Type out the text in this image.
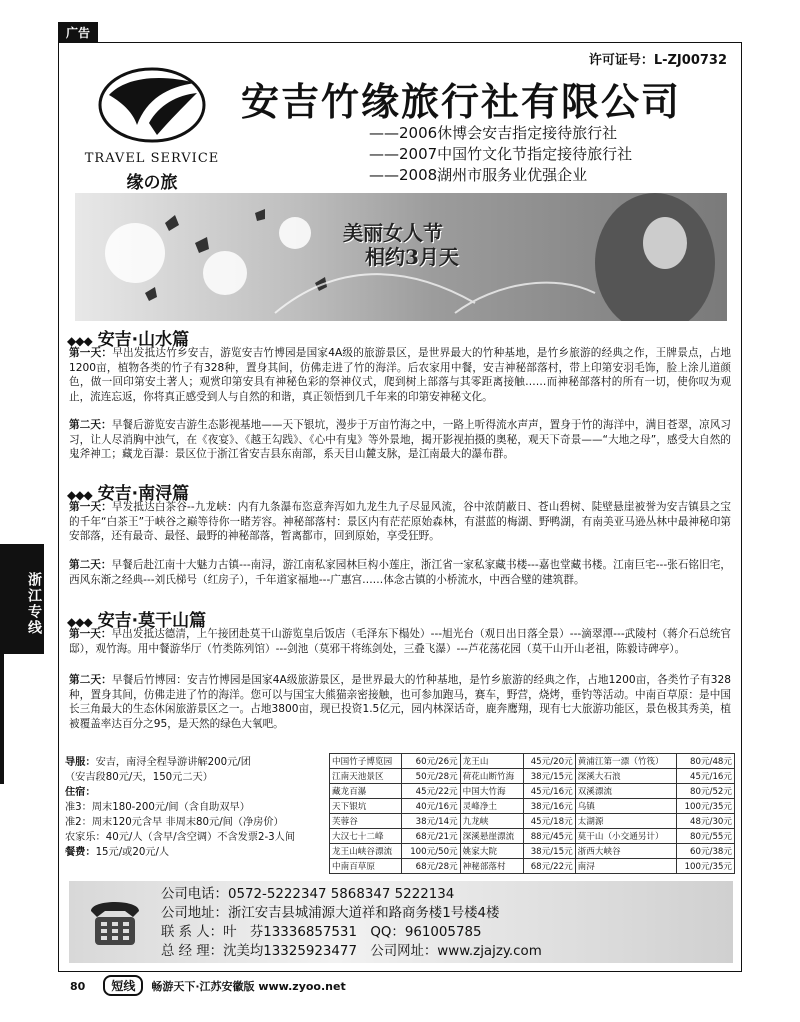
广告
浙江专线
许可证号：L-ZJ00732
TRAVEL SERVICE
缘の旅
安吉竹缘旅行社有限公司
——2006休博会安吉指定接待旅行社
——2007中国竹文化节指定接待旅行社
——2008湖州市服务业优强企业
美丽女人节
相约3月天
◆◆◆ 安吉·山水篇
第一天：早出发抵达竹乡安吉，游览安吉竹博园是国家4A级的旅游景区，是世界最大的竹种基地，是竹乡旅游的经典之作，王牌景点，占地1200亩，植物各类的竹子有328种，置身其间，仿佛走进了竹的海洋。后农家用中餐，安吉神秘部落村，带上印第安羽毛饰，脸上涂儿道颜色，做一回印第安土著人；观赏印第安具有神秘色彩的祭神仪式，爬到树上部落与其零距离接触……而神秘部落村的所有一切，使你叹为观止，流连忘返，你将真正感受到人与自然的和谐，真正领悟到几千年来的印第安神秘文化。
第二天：早餐后游览安吉游生态影视基地——天下银坑，漫步于万亩竹海之中，一路上听得流水声声，置身于竹的海洋中，满目苍翠，凉风习习，让人尽消胸中浊气，在《夜宴》、《越王勾践》、《心中有鬼》等外景地，揭开影视拍摄的奥秘，观天下奇景——“大地之母”，感受大自然的鬼斧神工；藏龙百瀑：景区位于浙江省安吉县东南部，系天目山麓支脉，是江南最大的瀑布群。
◆◆◆ 安吉·南浔篇
第一天：早发抵达白茶谷--九龙峡：内有九条瀑布恣意奔泻如九龙生九子尽显风流，谷中浓荫蔽日、苍山碧树、陡壁悬崖被誉为安吉镇县之宝的千年“白茶王”于峡谷之巅等待你一睹芳容。神秘部落村：景区内有茫茫原始森林，有湛蓝的梅湖、野鸭湖，有南美亚马逊丛林中最神秘印第安部落，还有最奇、最怪、最野的神秘部落，暂离都市，回到原始，享受狂野。
第二天：早餐后赴江南十大魅力古镇---南浔，游江南私家园林巨构小莲庄，浙江省一家私家藏书楼---嘉也堂藏书楼。江南巨宅---张石铭旧宅，西风东渐之经典---刘氏梯号（红房子），千年道家福地---广惠宫……体念古镇的小桥流水，中西合璧的建筑群。
◆◆◆ 安吉·莫干山篇
第一天：早出发抵达德清，上午接团赴莫干山游览皇后饭店（毛泽东下榻处）---旭光台（观日出日落全景）---滴翠潭---武陵村（蒋介石总统官邸），观竹海。用中餐游华厅（竹类陈列馆）---剑池（莫邪干将练剑处，三叠飞瀑）---芦花荡花园（莫干山开山老祖，陈毅诗碑亭）。
第二天：早餐后竹博园：安吉竹博园是国家4A级旅游景区，是世界最大的竹种基地，是竹乡旅游的经典之作，占地1200亩，各类竹子有328种，置身其间，仿佛走进了竹的海洋。您可以与国宝大熊猫亲密接触，也可参加跑马，赛车，野营，烧烤，垂钓等活动。中南百草原：是中国长三角最大的生态休闲旅游景区之一。占地3800亩，现已投资1.5亿元，园内林深话奇，鹿奔鹰翔，现有七大旅游功能区，景色极其秀美，植被覆盖率达百分之95，是天然的绿色大氧吧。
导服：安吉，南浔全程导游讲解200元/团
（安吉段80元/天，150元二天）
住宿：
准3：周末180-200元/间（含自助双早）
准2：周末120元含早 非周末80元/间（净房价）
农家乐：40元/人（含早/含空调）不含发票2-3人间
餐费：15元/或20元/人
中国竹子博览园	60元/26元	龙王山	45元/20元	黄浦江第一漂（竹筏）	80元/48元
江南天池景区	50元/28元	荷花山断竹海	38元/15元	深溪大石浪	45元/16元
藏龙百瀑	45元/22元	中国大竹海	45元/16元	双溪漂流	80元/52元
天下银坑	40元/16元	灵峰净土	38元/16元	乌镇	100元/35元
芙蓉谷	38元/14元	九龙峡	45元/18元	太湖源	48元/30元
大汉七十二峰	68元/21元	深溪悬崖漂流	88元/45元	莫干山（小交通另计）	80元/55元
龙王山峡谷漂流	100元/50元	姚家大院	38元/15元	浙西大峡谷	60元/38元
中南百草原	68元/28元	神秘部落村	68元/22元	南浔	100元/35元
公司电话：0572-5222347 5868347 5222134
公司地址：浙江安吉县城浦源大道祥和路商务楼1号楼4楼
联 系 人：叶　芬13336857531　QQ：961005785
总 经 理：沈美均13325923477　公司网址：www.zjajzy.com
80 短线 畅游天下·江苏安徽版 www.zyoo.net
